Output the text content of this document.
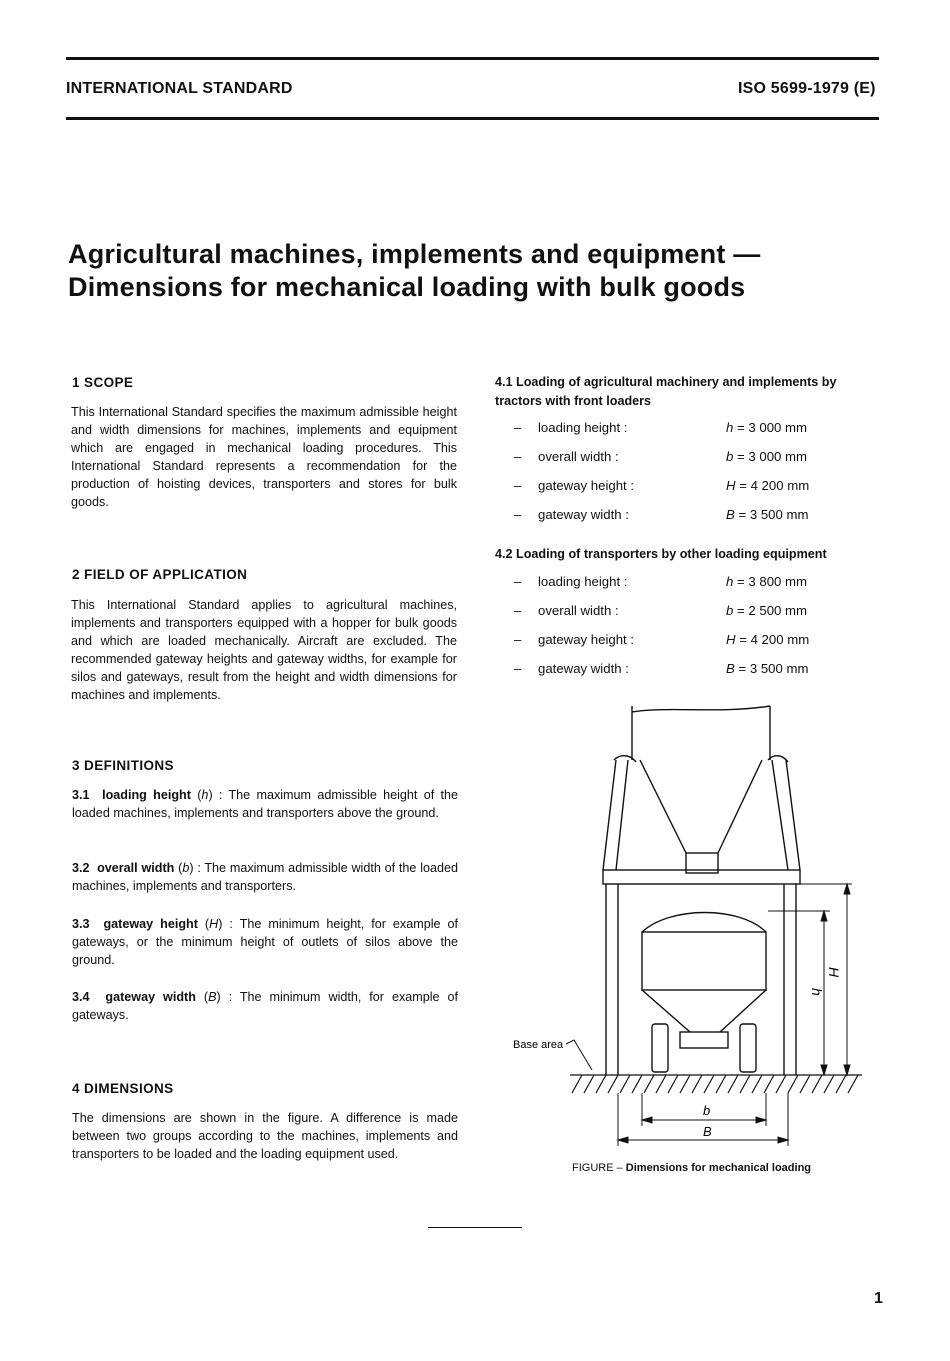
INTERNATIONAL STANDARD	ISO 5699-1979 (E)
Agricultural machines, implements and equipment —
Dimensions for mechanical loading with bulk goods
1 SCOPE
This International Standard specifies the maximum admissible height and width dimensions for machines, implements and equipment which are engaged in mechanical loading procedures. This International Standard represents a recommendation for the production of hoisting devices, transporters and stores for bulk goods.
2 FIELD OF APPLICATION
This International Standard applies to agricultural machines, implements and transporters equipped with a hopper for bulk goods and which are loaded mechanically. Aircraft are excluded. The recommended gateway heights and gateway widths, for example for silos and gateways, result from the height and width dimensions for machines and implements.
3 DEFINITIONS
3.1 loading height (h) : The maximum admissible height of the loaded machines, implements and transporters above the ground.
3.2 overall width (b) : The maximum admissible width of the loaded machines, implements and transporters.
3.3 gateway height (H) : The minimum height, for example of gateways, or the minimum height of outlets of silos above the ground.
3.4 gateway width (B) : The minimum width, for example of gateways.
4 DIMENSIONS
The dimensions are shown in the figure. A difference is made between two groups according to the machines, implements and transporters to be loaded and the loading equipment used.
4.1 Loading of agricultural machinery and implements by tractors with front loaders
– loading height :	h = 3 000 mm
– overall width :	b = 3 000 mm
– gateway height :	H = 4 200 mm
– gateway width :	B = 3 500 mm
4.2 Loading of transporters by other loading equipment
– loading height :	h = 3 800 mm
– overall width :	b = 2 500 mm
– gateway height :	H = 4 200 mm
– gateway width :	B = 3 500 mm
Base area
h
H
b
B
FIGURE – Dimensions for mechanical loading
1
